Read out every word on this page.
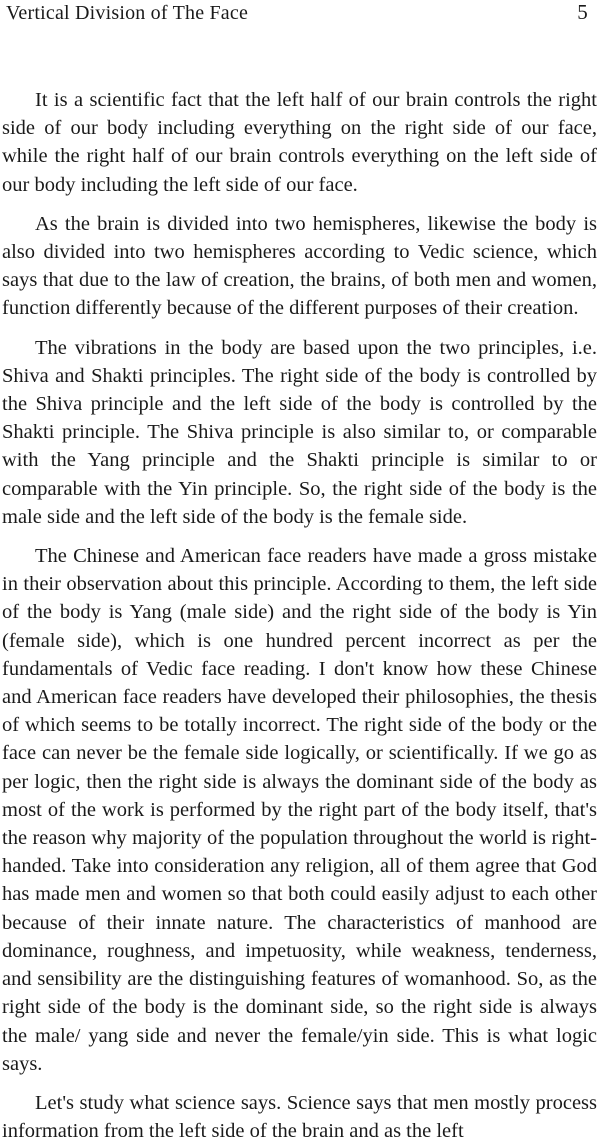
Vertical Division of The Face	5

It is a scientific fact that the left half of our brain controls the right side of our body including everything on the right side of our face, while the right half of our brain controls everything on the left side of our body including the left side of our face.

As the brain is divided into two hemispheres, likewise the body is also divided into two hemispheres according to Vedic science, which says that due to the law of creation, the brains, of both men and women, function differently because of the different purposes of their creation.

The vibrations in the body are based upon the two principles, i.e. Shiva and Shakti principles. The right side of the body is controlled by the Shiva principle and the left side of the body is controlled by the Shakti principle. The Shiva principle is also similar to, or comparable with the Yang principle and the Shakti principle is similar to or comparable with the Yin principle. So, the right side of the body is the male side and the left side of the body is the female side.

The Chinese and American face readers have made a gross mistake in their observation about this principle. According to them, the left side of the body is Yang (male side) and the right side of the body is Yin (female side), which is one hundred percent incorrect as per the fundamentals of Vedic face reading. I don't know how these Chinese and American face readers have developed their philosophies, the thesis of which seems to be totally incorrect. The right side of the body or the face can never be the female side logically, or scientifically. If we go as per logic, then the right side is always the dominant side of the body as most of the work is performed by the right part of the body itself, that's the reason why majority of the population throughout the world is right-handed. Take into consideration any religion, all of them agree that God has made men and women so that both could easily adjust to each other because of their innate nature. The characteristics of manhood are dominance, roughness, and impetuosity, while weakness, tenderness, and sensibility are the distinguishing features of womanhood. So, as the right side of the body is the dominant side, so the right side is always the male/ yang side and never the female/yin side. This is what logic says.

Let's study what science says. Science says that men mostly process information from the left side of the brain and as the left
